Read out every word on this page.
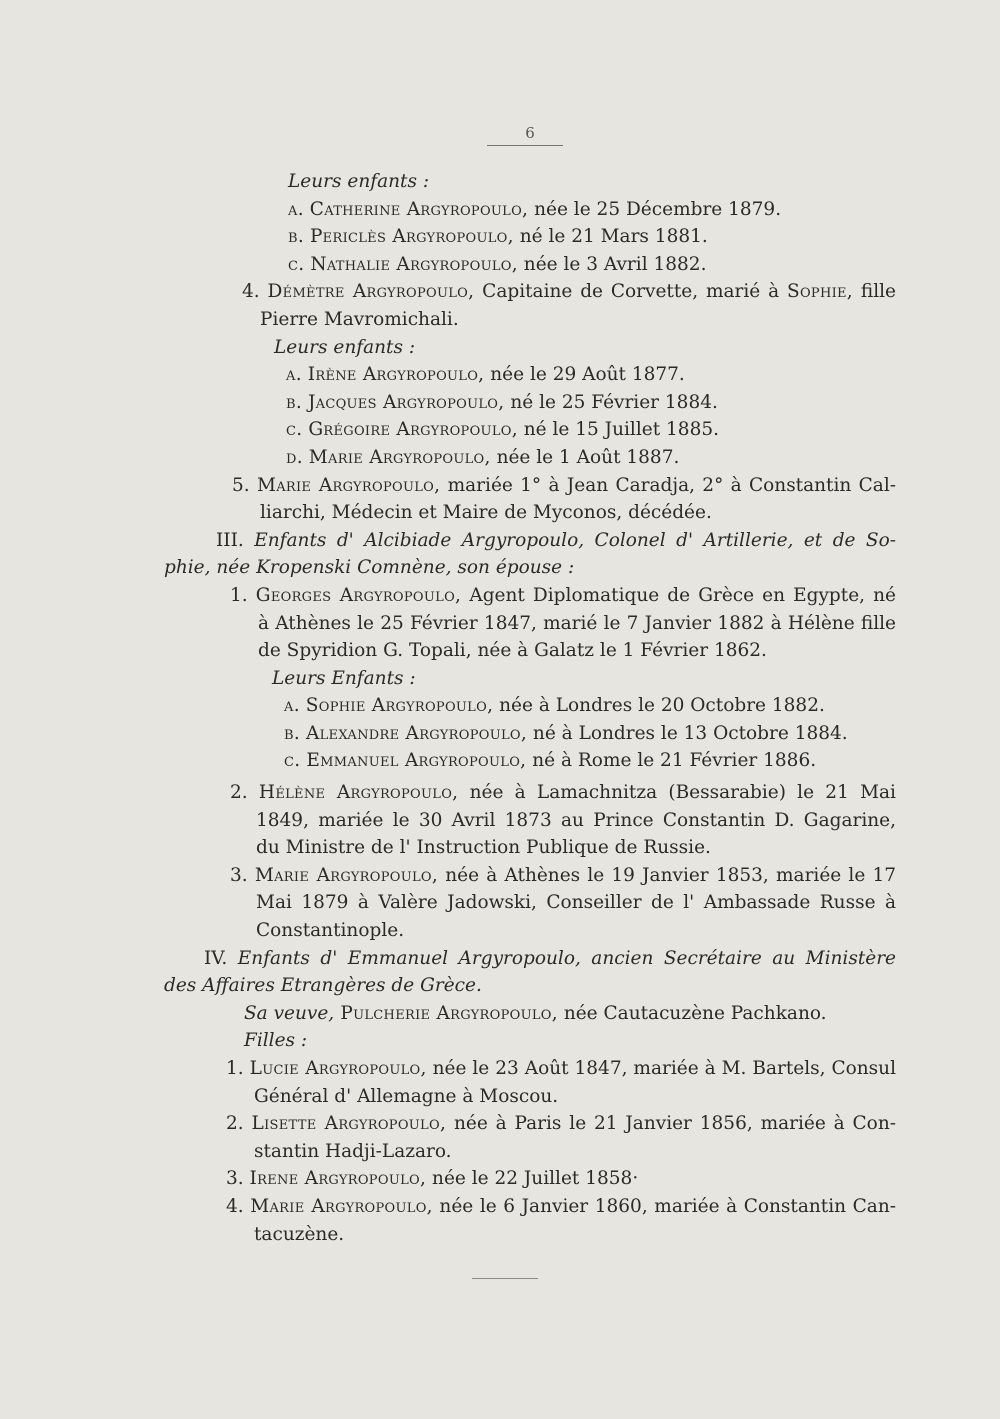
6
Leurs enfants :
a. Catherine Argyropoulo, née le 25 Décembre 1879.
b. Periclès Argyropoulo, né le 21 Mars 1881.
c. Nathalie Argyropoulo, née le 3 Avril 1882.
4. Démètre Argyropoulo, Capitaine de Corvette, marié à Sophie, fille
Pierre Mavromichali.
Leurs enfants :
a. Irène Argyropoulo, née le 29 Août 1877.
b. Jacques Argyropoulo, né le 25 Février 1884.
c. Grégoire Argyropoulo, né le 15 Juillet 1885.
d. Marie Argyropoulo, née le 1 Août 1887.
5. Marie Argyropoulo, mariée 1° à Jean Caradja, 2° à Constantin Cal-
liarchi, Médecin et Maire de Myconos, décédée.
III. Enfants d' Alcibiade Argyropoulo, Colonel d' Artillerie, et de So-
phie, née Kropenski Comnène, son épouse :
1. Georges Argyropoulo, Agent Diplomatique de Grèce en Egypte, né
à Athènes le 25 Février 1847, marié le 7 Janvier 1882 à Hélène fille
de Spyridion G. Topali, née à Galatz le 1 Février 1862.
Leurs Enfants :
a. Sophie Argyropoulo, née à Londres le 20 Octobre 1882.
b. Alexandre Argyropoulo, né à Londres le 13 Octobre 1884.
c. Emmanuel Argyropoulo, né à Rome le 21 Février 1886.
2. Hélène Argyropoulo, née à Lamachnitza (Bessarabie) le 21 Mai
1849, mariée le 30 Avril 1873 au Prince Constantin D. Gagarine,
du Ministre de l' Instruction Publique de Russie.
3. Marie Argyropoulo, née à Athènes le 19 Janvier 1853, mariée le 17
Mai 1879 à Valère Jadowski, Conseiller de l' Ambassade Russe à
Constantinople.
IV. Enfants d' Emmanuel Argyropoulo, ancien Secrétaire au Ministère
des Affaires Etrangères de Grèce.
Sa veuve, Pulcherie Argyropoulo, née Cautacuzène Pachkano.
Filles :
1. Lucie Argyropoulo, née le 23 Août 1847, mariée à M. Bartels, Consul
Général d' Allemagne à Moscou.
2. Lisette Argyropoulo, née à Paris le 21 Janvier 1856, mariée à Con-
stantin Hadji-Lazaro.
3. Irene Argyropoulo, née le 22 Juillet 1858·
4. Marie Argyropoulo, née le 6 Janvier 1860, mariée à Constantin Can-
tacuzène.
